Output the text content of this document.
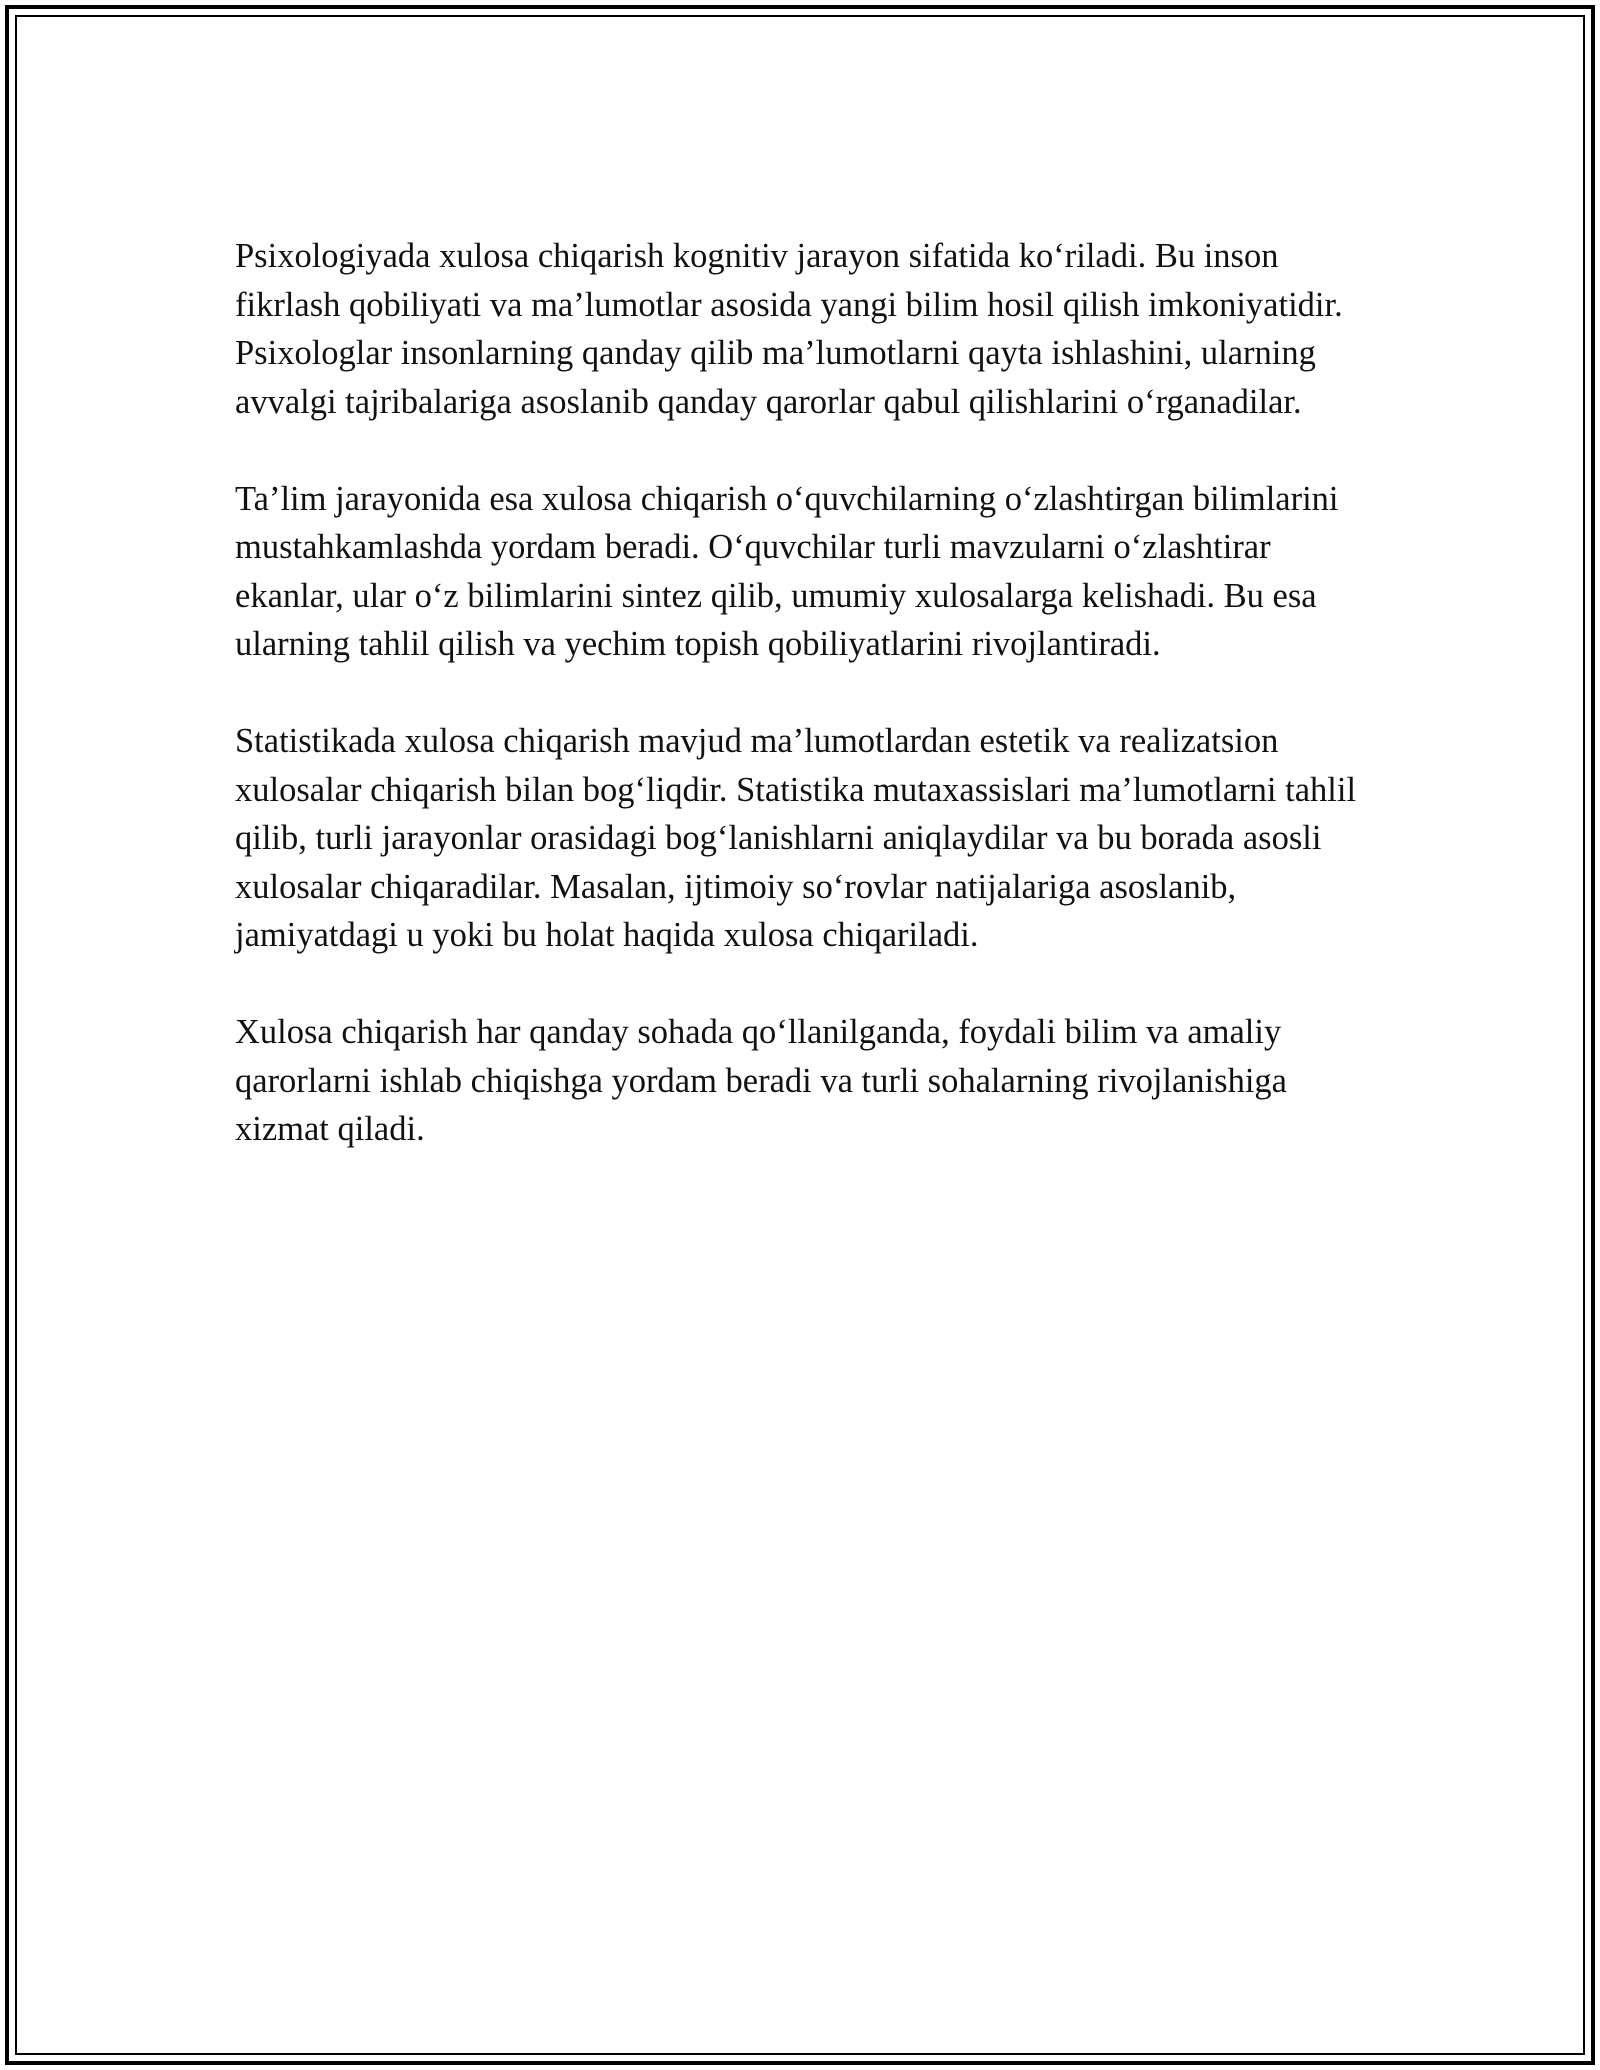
Psixologiyada xulosa chiqarish kognitiv jarayon sifatida ko‘riladi. Bu inson fikrlash qobiliyati va ma’lumotlar asosida yangi bilim hosil qilish imkoniyatidir. Psixologlar insonlarning qanday qilib ma’lumotlarni qayta ishlashini, ularning avvalgi tajribalariga asoslanib qanday qarorlar qabul qilishlarini o‘rganadilar.

Ta’lim jarayonida esa xulosa chiqarish o‘quvchilarning o‘zlashtirgan bilimlarini mustahkamlashda yordam beradi. O‘quvchilar turli mavzularni o‘zlashtirar ekanlar, ular o‘z bilimlarini sintez qilib, umumiy xulosalarga kelishadi. Bu esa ularning tahlil qilish va yechim topish qobiliyatlarini rivojlantiradi.

Statistikada xulosa chiqarish mavjud ma’lumotlardan estetik va realizatsion xulosalar chiqarish bilan bog‘liqdir. Statistika mutaxassislari ma’lumotlarni tahlil qilib, turli jarayonlar orasidagi bog‘lanishlarni aniqlaydilar va bu borada asosli xulosalar chiqaradilar. Masalan, ijtimoiy so‘rovlar natijalariga asoslanib, jamiyatdagi u yoki bu holat haqida xulosa chiqariladi.

Xulosa chiqarish har qanday sohada qo‘llanilganda, foydali bilim va amaliy qarorlarni ishlab chiqishga yordam beradi va turli sohalarning rivojlanishiga xizmat qiladi.
